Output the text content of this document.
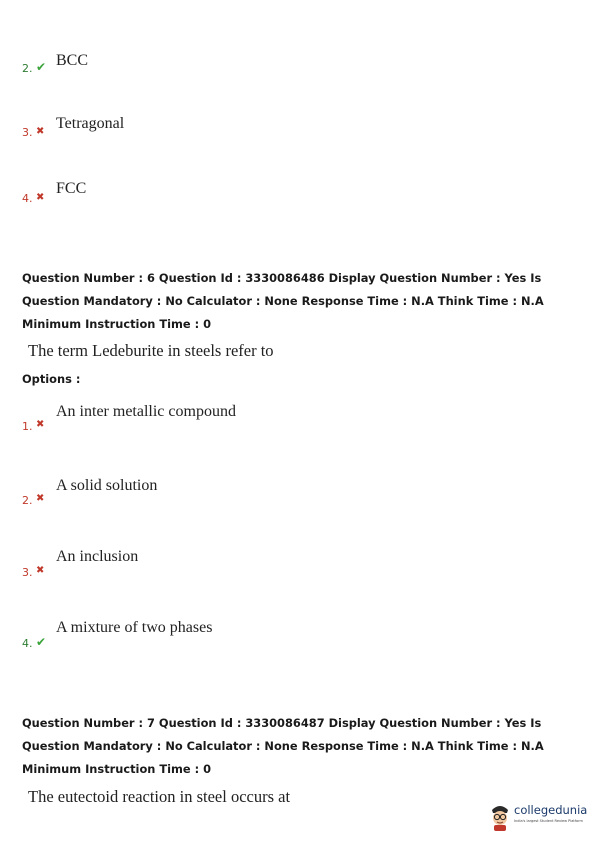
2. ✔ BCC
3. ✖ Tetragonal
4. ✖
FCC
Question Number : 6 Question Id : 3330086486 Display Question Number : Yes Is Question Mandatory : No Calculator : None Response Time : N.A Think Time : N.A Minimum Instruction Time : 0
The term Ledeburite in steels refer to
Options :
1. ✖
An inter metallic compound
2. ✖
A solid solution
3. ✖
An inclusion
4. ✔
A mixture of two phases
Question Number : 7 Question Id : 3330086487 Display Question Number : Yes Is Question Mandatory : No Calculator : None Response Time : N.A Think Time : N.A Minimum Instruction Time : 0
The eutectoid reaction in steel occurs at
collegedunia
India's largest Student Review Platform
